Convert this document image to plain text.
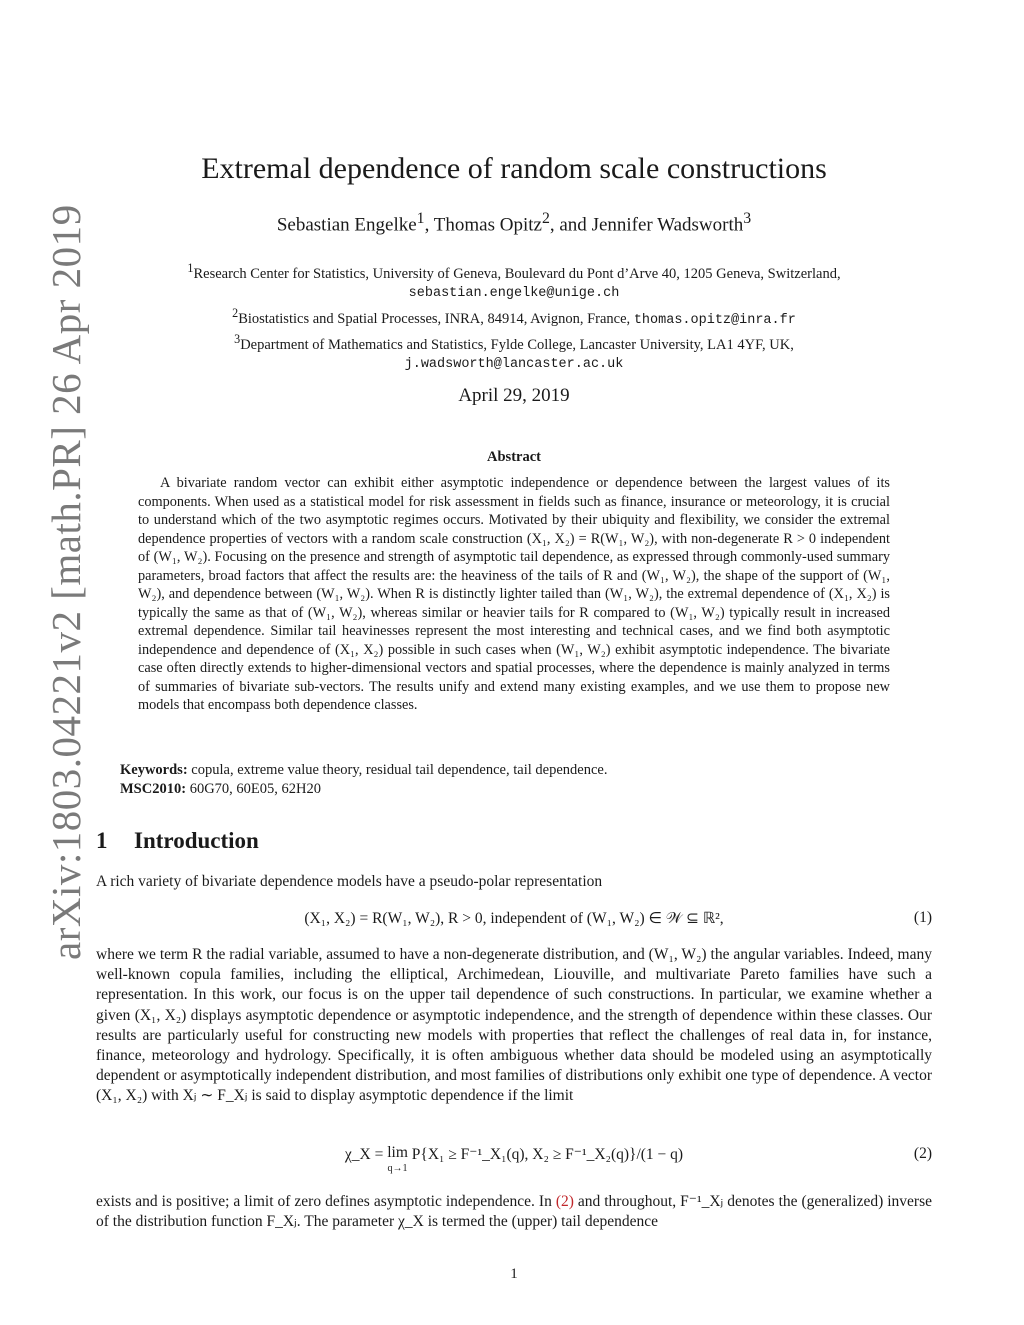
arXiv:1803.04221v2 [math.PR] 26 Apr 2019
Extremal dependence of random scale constructions
Sebastian Engelke$^1$, Thomas Opitz$^2$, and Jennifer Wadsworth$^3$
$^1$Research Center for Statistics, University of Geneva, Boulevard du Pont d’Arve 40, 1205 Geneva, Switzerland,
sebastian.engelke@unige.ch
$^2$Biostatistics and Spatial Processes, INRA, 84914, Avignon, France, thomas.opitz@inra.fr
$^3$Department of Mathematics and Statistics, Fylde College, Lancaster University, LA1 4YF, UK,
j.wadsworth@lancaster.ac.uk
April 29, 2019
Abstract

A bivariate random vector can exhibit either asymptotic independence or dependence between the largest values of its components. When used as a statistical model for risk assessment in fields such as finance, insurance or meteorology, it is crucial to understand which of the two asymptotic regimes occurs. Motivated by their ubiquity and flexibility, we consider the extremal dependence properties of vectors with a random scale construction (X₁, X₂) = R(W₁, W₂), with non-degenerate R > 0 independent of (W₁, W₂). Focusing on the presence and strength of asymptotic tail dependence, as expressed through commonly-used summary parameters, broad factors that affect the results are: the heaviness of the tails of R and (W₁, W₂), the shape of the support of (W₁, W₂), and dependence between (W₁, W₂). When R is distinctly lighter tailed than (W₁, W₂), the extremal dependence of (X₁, X₂) is typically the same as that of (W₁, W₂), whereas similar or heavier tails for R compared to (W₁, W₂) typically result in increased extremal dependence. Similar tail heavinesses represent the most interesting and technical cases, and we find both asymptotic independence and dependence of (X₁, X₂) possible in such cases when (W₁, W₂) exhibit asymptotic independence. The bivariate case often directly extends to higher-dimensional vectors and spatial processes, where the dependence is mainly analyzed in terms of summaries of bivariate sub-vectors. The results unify and extend many existing examples, and we use them to propose new models that encompass both dependence classes.

Keywords: copula, extreme value theory, residual tail dependence, tail dependence.
MSC2010: 60G70, 60E05, 62H20
1 Introduction

A rich variety of bivariate dependence models have a pseudo-polar representation

(X₁, X₂) = R(W₁, W₂), R > 0, independent of (W₁, W₂) ∈ 𝒲 ⊆ ℝ²,	(1)

where we term R the radial variable, assumed to have a non-degenerate distribution, and (W₁, W₂) the angular variables. Indeed, many well-known copula families, including the elliptical, Archimedean, Liouville, and multivariate Pareto families have such a representation. In this work, our focus is on the upper tail dependence of such constructions. In particular, we examine whether a given (X₁, X₂) displays asymptotic dependence or asymptotic independence, and the strength of dependence within these classes. Our results are particularly useful for constructing new models with properties that reflect the challenges of real data in, for instance, finance, meteorology and hydrology. Specifically, it is often ambiguous whether data should be modeled using an asymptotically dependent or asymptotically independent distribution, and most families of distributions only exhibit one type of dependence. A vector (X₁, X₂) with Xⱼ ∼ F_Xⱼ is said to display asymptotic dependence if the limit

χ_X = lim
q→1
P{X₁ ≥ F⁻¹_X₁(q), X₂ ≥ F⁻¹_X₂(q)}/(1 − q)	(2)

exists and is positive; a limit of zero defines asymptotic independence. In (2) and throughout, F⁻¹_Xⱼ denotes the (generalized) inverse of the distribution function F_Xⱼ. The parameter χ_X is termed the (upper) tail dependence

1
